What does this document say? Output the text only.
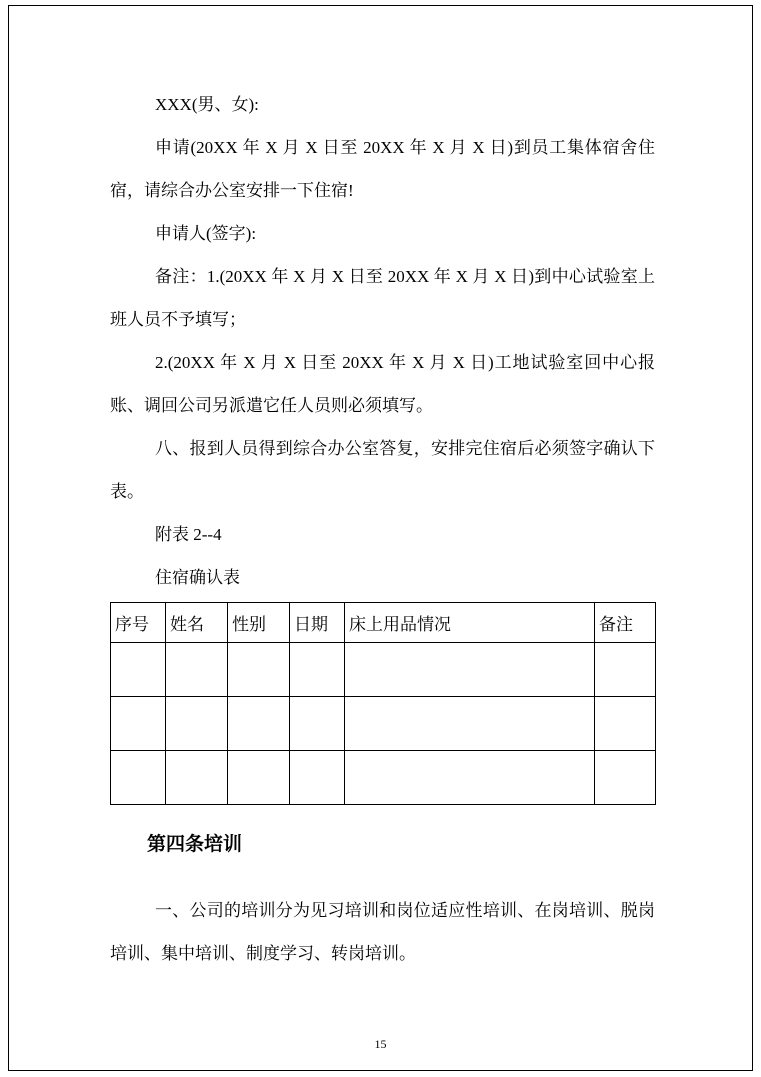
XXX(男、女):

申请(20XX 年 X 月 X 日至 20XX 年 X 月 X 日)到员工集体宿舍住宿，请综合办公室安排一下住宿!

申请人(签字):

备注：1.(20XX 年 X 月 X 日至 20XX 年 X 月 X 日)到中心试验室上班人员不予填写；

2.(20XX 年 X 月 X 日至 20XX 年 X 月 X 日)工地试验室回中心报账、调回公司另派遣它任人员则必须填写。

八、报到人员得到综合办公室答复，安排完住宿后必须签字确认下表。

附表 2--4

住宿确认表

序号	姓名	性别	日期	床上用品情况	备注

第四条培训

一、公司的培训分为见习培训和岗位适应性培训、在岗培训、脱岗培训、集中培训、制度学习、转岗培训。

15
